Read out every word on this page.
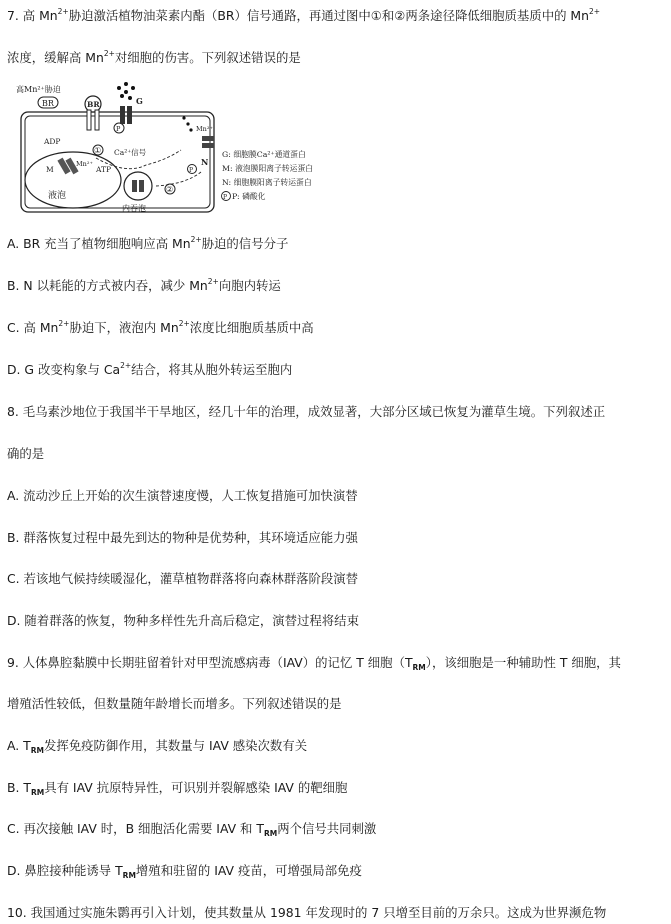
7. 高 $Mn^{2+}$胁迫激活植物油菜素内酯（BR）信号通路，再通过图中①和②两条途径降低细胞质基质中的 $Mn^{2+}$
浓度，缓解高 $Mn^{2+}$对细胞的伤害。下列叙述错误的是
高Mn²⁺胁迫
BR	BR
P
G
① Ca²⁺信号
液泡
ADP
ATP
M
Mn²⁺
内吞泡
②
Mn²⁺
P
N
G: 细胞膜Ca²⁺通道蛋白
M: 液泡膜阳离子转运蛋白
N: 细胞膜阳离子转运蛋白
P P: 磷酸化
A. BR 充当了植物细胞响应高 $Mn^{2+}$胁迫的信号分子
B. N 以耗能的方式被内吞，减少 $Mn^{2+}$向胞内转运
C. 高 $Mn^{2+}$胁迫下，液泡内 $Mn^{2+}$浓度比细胞质基质中高
D. G 改变构象与 $Ca^{2+}$结合，将其从胞外转运至胞内
8. 毛乌素沙地位于我国半干旱地区，经几十年的治理，成效显著，大部分区域已恢复为灌草生境。下列叙述正
确的是
A. 流动沙丘上开始的次生演替速度慢，人工恢复措施可加快演替
B. 群落恢复过程中最先到达的物种是优势种，其环境适应能力强
C. 若该地气候持续暖湿化，灌草植物群落将向森林群落阶段演替
D. 随着群落的恢复，物种多样性先升高后稳定，演替过程将结束
9. 人体鼻腔黏膜中长期驻留着针对甲型流感病毒（IAV）的记忆 T 细胞$(T_{RM})$，该细胞是一种辅助性 T 细胞，其
增殖活性较低，但数量随年龄增长而增多。下列叙述错误的是
A. $T_{RM}$发挥免疫防御作用，其数量与 IAV 感染次数有关
B. $T_{RM}$具有 IAV 抗原特异性，可识别并裂解感染 IAV 的靶细胞
C. 再次接触 IAV 时，B 细胞活化需要 IAV 和 $T_{RM}$两个信号共同刺激
D. 鼻腔接种能诱导 $T_{RM}$增殖和驻留的 IAV 疫苗，可增强局部免疫
10. 我国通过实施朱鹮再引入计划，使其数量从 1981 年发现时的 7 只增至目前的万余只。这成为世界濒危物
